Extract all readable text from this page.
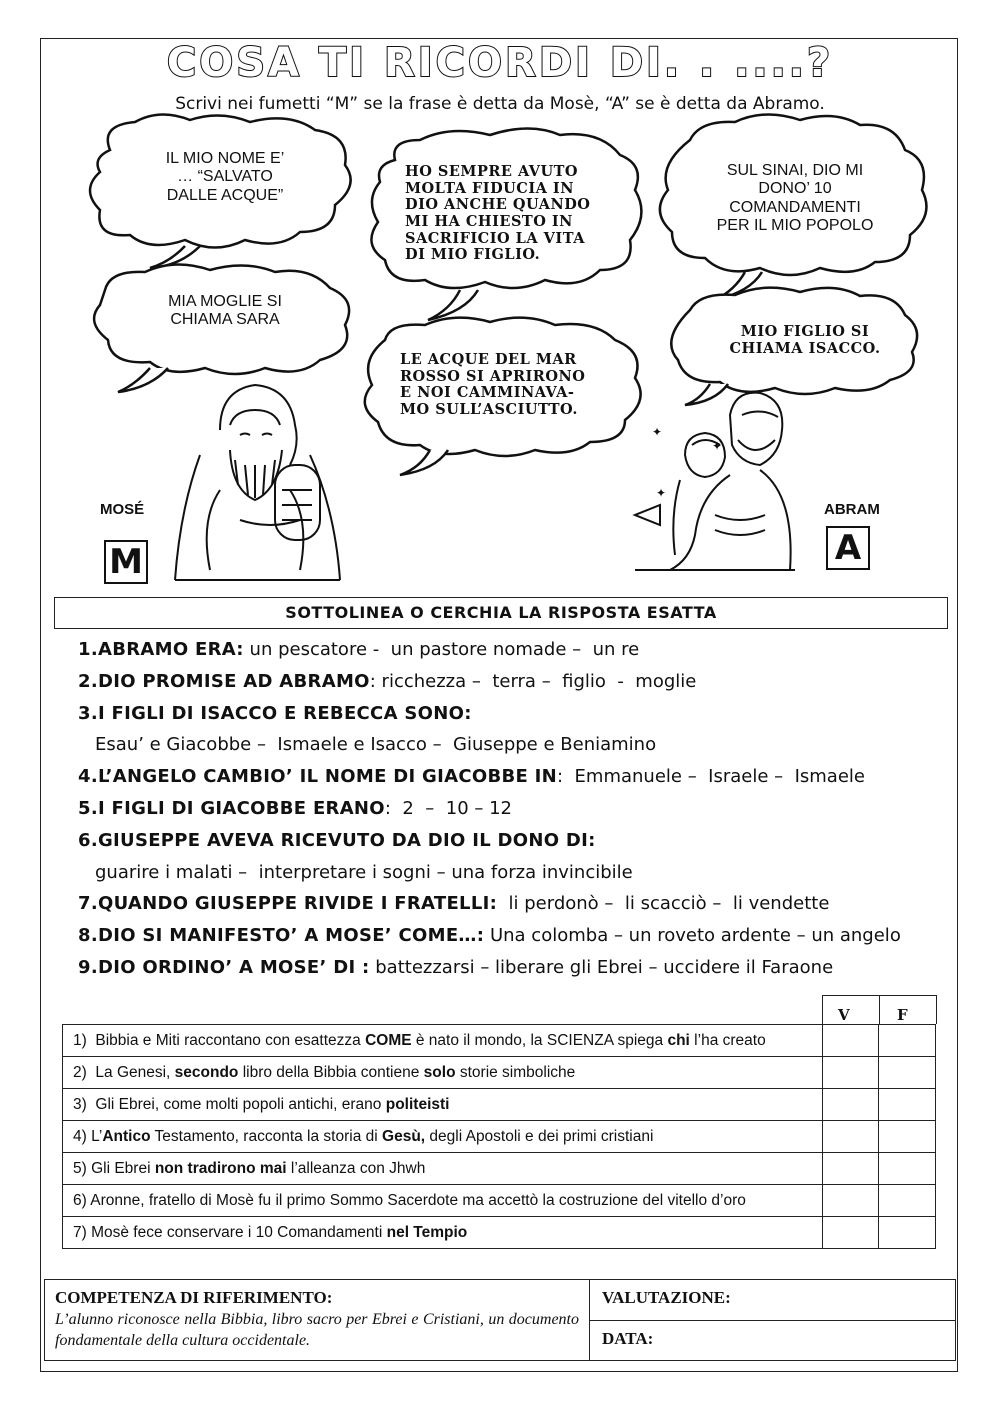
COSA TI RICORDI DI. . ....?
Scrivi nei fumetti “M” se la frase è detta da Mosè, “A” se è detta da Abramo.
✦
✦
✦
IL MIO NOME E’
… “SALVATO
DALLE ACQUE”
HO SEMPRE AVUTO
MOLTA FIDUCIA IN
DIO ANCHE QUANDO
MI HA CHIESTO IN
SACRIFICIO LA VITA
DI MIO FIGLIO.
SUL SINAI, DIO MI
DONO’ 10
COMANDAMENTI
PER IL MIO POPOLO
MIA MOGLIE SI
CHIAMA SARA
LE ACQUE DEL MAR
ROSSO SI APRIRONO
E NOI CAMMINAVA-
MO SULL’ASCIUTTO.
MIO FIGLIO SI
CHIAMA ISACCO.
MOSÉ
M
ABRAM
A
SOTTOLINEA O CERCHIA LA RISPOSTA ESATTA
1.ABRAMO ERA: un pescatore -  un pastore nomade –  un re
2.DIO PROMISE AD ABRAMO: ricchezza –  terra –  figlio  -  moglie
3.I FIGLI DI ISACCO E REBECCA SONO:
Esau’ e Giacobbe –  Ismaele e Isacco –  Giuseppe e Beniamino
4.L’ANGELO CAMBIO’ IL NOME DI GIACOBBE IN:  Emmanuele –  Israele –  Ismaele
5.I FIGLI DI GIACOBBE ERANO:  2  –  10 – 12
6.GIUSEPPE AVEVA RICEVUTO DA DIO IL DONO DI:
guarire i malati –  interpretare i sogni – una forza invincibile
7.QUANDO GIUSEPPE RIVIDE I FRATELLI:  li perdonò –  li scacciò –  li vendette
8.DIO SI MANIFESTO’ A MOSE’ COME…: Una colomba – un roveto ardente – un angelo
9.DIO ORDINO’ A MOSE’ DI : battezzarsi – liberare gli Ebrei – uccidere il Faraone
V	F
1)  Bibbia e Miti raccontano con esattezza COME è nato il mondo, la SCIENZA spiega chi l’ha creato		
2)  La Genesi, secondo libro della Bibbia contiene solo storie simboliche		
3)  Gli Ebrei, come molti popoli antichi, erano politeisti		
4) L’Antico Testamento, racconta la storia di Gesù, degli Apostoli e dei primi cristiani		
5) Gli Ebrei non tradirono mai l’alleanza con Jhwh		
6) Aronne, fratello di Mosè fu il primo Sommo Sacerdote ma accettò la costruzione del vitello d’oro		
7) Mosè fece conservare i 10 Comandamenti nel Tempio		
COMPETENZA DI RIFERIMENTO:
L’alunno riconosce nella Bibbia, libro sacro per Ebrei e Cristiani, un documento fondamentale della cultura occidentale.
VALUTAZIONE:
DATA:
